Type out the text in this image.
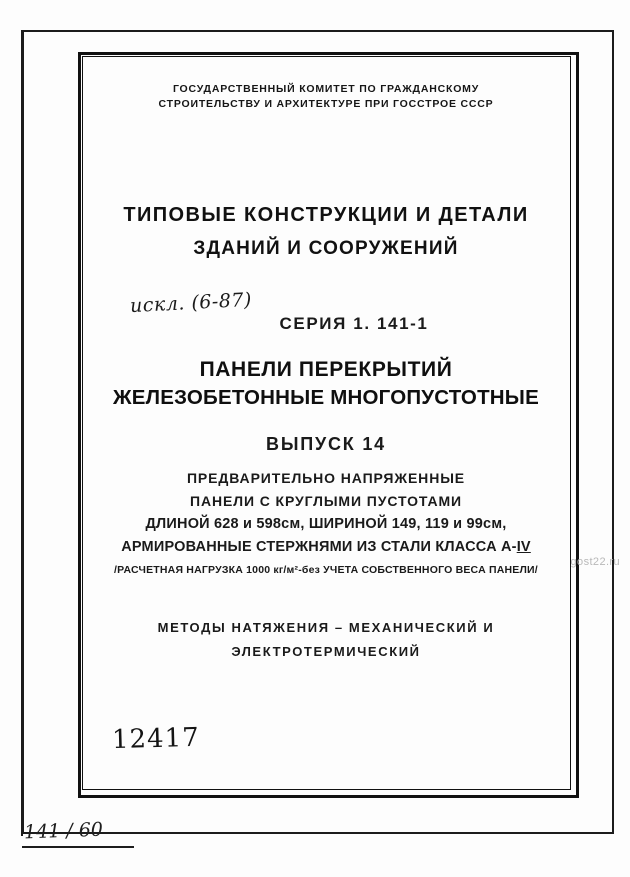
gost22.ru
ГОСУДАРСТВЕННЫЙ КОМИТЕТ ПО ГРАЖДАНСКОМУ
СТРОИТЕЛЬСТВУ И АРХИТЕКТУРЕ ПРИ ГОССТРОЕ СССР
ТИПОВЫЕ КОНСТРУКЦИИ И ДЕТАЛИ
ЗДАНИЙ И СООРУЖЕНИЙ
искл. (6-87)
СЕРИЯ 1. 141-1
ПАНЕЛИ ПЕРЕКРЫТИЙ
ЖЕЛЕЗОБЕТОННЫЕ МНОГОПУСТОТНЫЕ
ВЫПУСК 14
ПРЕДВАРИТЕЛЬНО НАПРЯЖЕННЫЕ
ПАНЕЛИ С КРУГЛЫМИ ПУСТОТАМИ
ДЛИНОЙ 628 и 598см, ШИРИНОЙ 149, 119 и 99см,
АРМИРОВАННЫЕ СТЕРЖНЯМИ ИЗ СТАЛИ КЛАССА А-IV
/РАСЧЕТНАЯ НАГРУЗКА 1000 кг/м²-без УЧЕТА СОБСТВЕННОГО ВЕСА ПАНЕЛИ/
МЕТОДЫ НАТЯЖЕНИЯ – МЕХАНИЧЕСКИЙ И
ЭЛЕКТРОТЕРМИЧЕСКИЙ
12417
141 / 60
